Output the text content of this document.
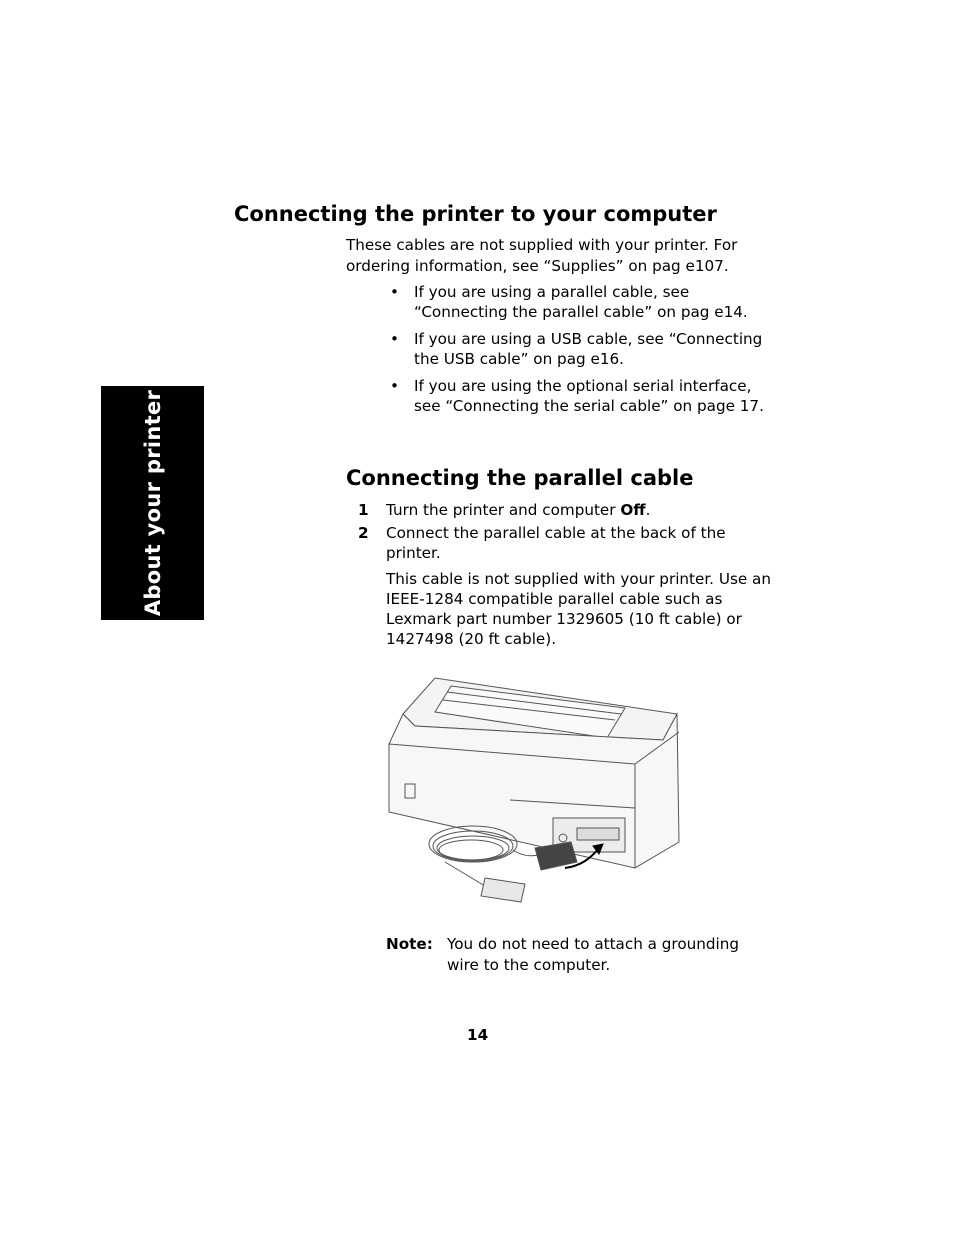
About your printer
Connecting the printer to your computer

These cables are not supplied with your printer. For ordering information, see “Supplies” on pag e107.

• If you are using a parallel cable, see “Connecting the parallel cable” on pag e14.
• If you are using a USB cable, see “Connecting the USB cable” on pag e16.
• If you are using the optional serial interface, see “Connecting the serial cable” on page 17.
Connecting the parallel cable
1 Turn the printer and computer Off.
2 Connect the parallel cable at the back of the printer.
This cable is not supplied with your printer. Use an IEEE-1284 compatible parallel cable such as Lexmark part number 1329605 (10 ft cable) or 1427498 (20 ft cable).
Note: You do not need to attach a grounding wire to the computer.
14
